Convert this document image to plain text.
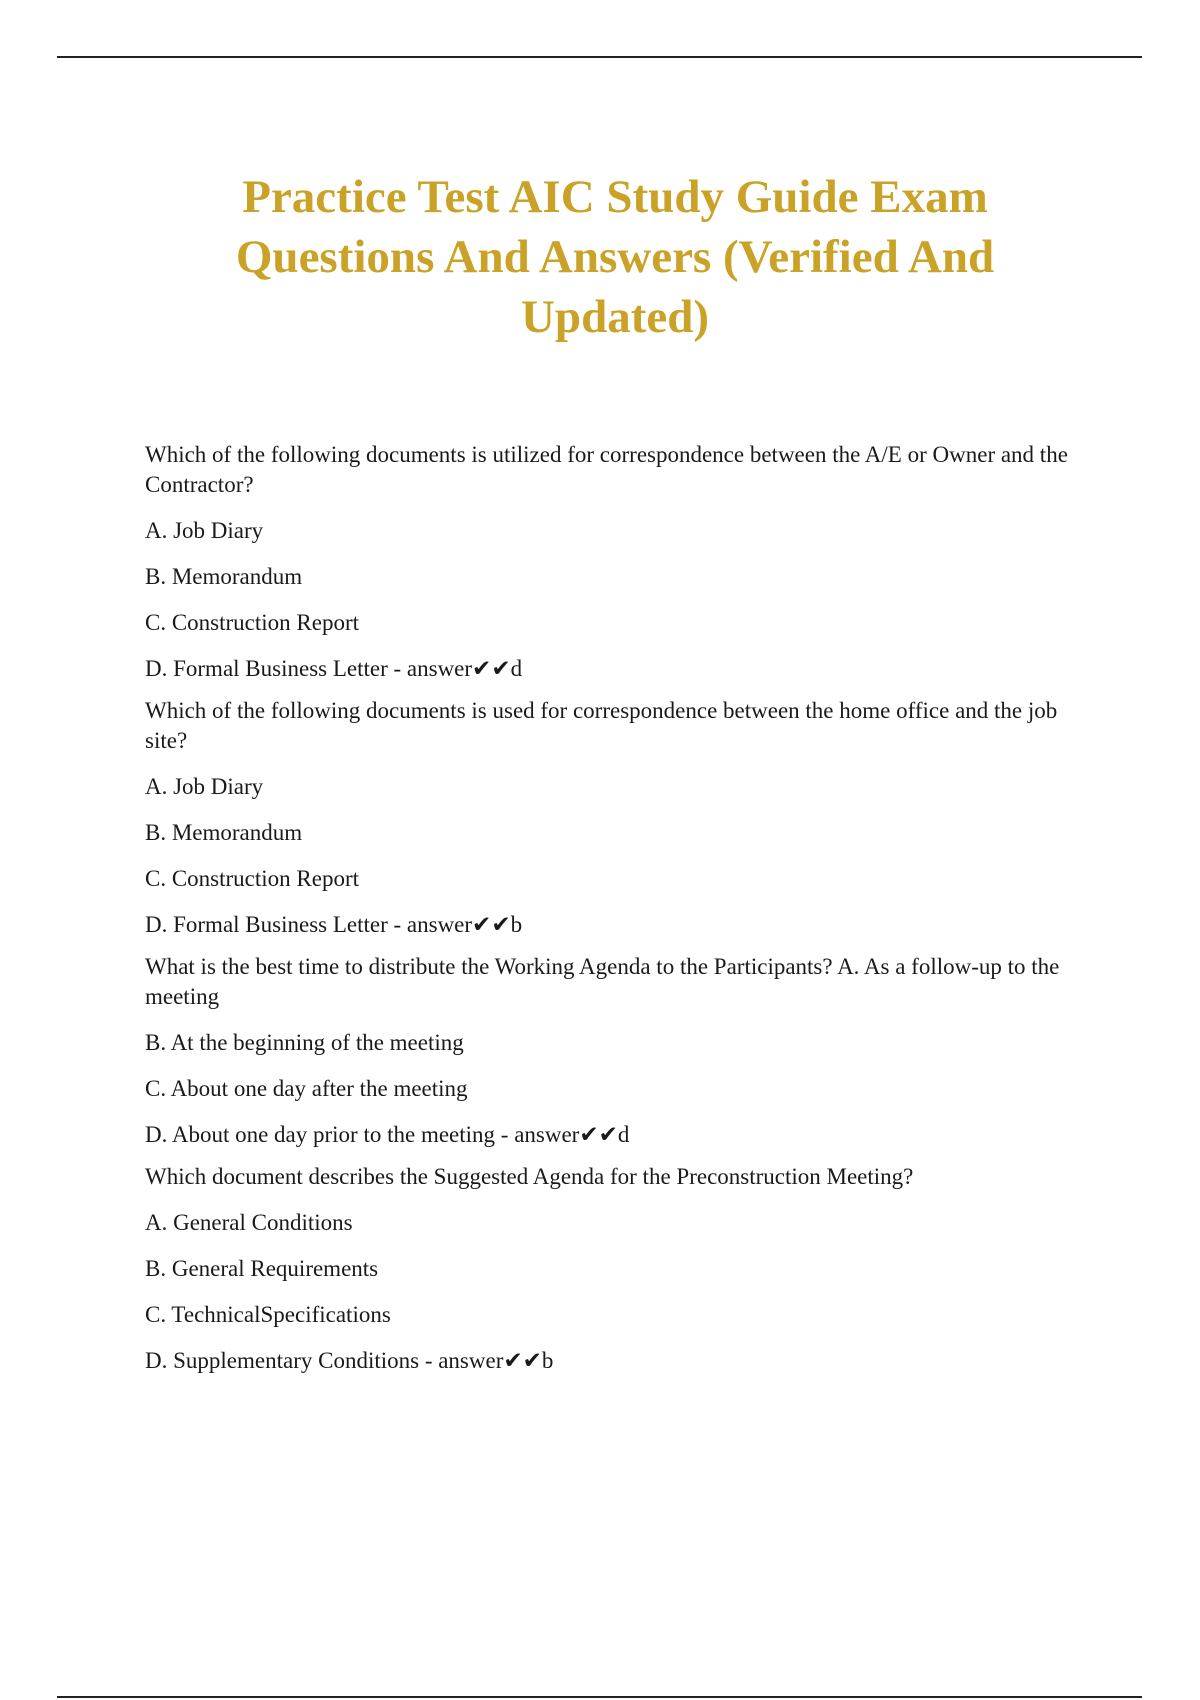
Practice Test AIC Study Guide Exam Questions And Answers (Verified And Updated)

Which of the following documents is utilized for correspondence between the A/E or Owner and the Contractor?

A. Job Diary

B. Memorandum

C. Construction Report

D. Formal Business Letter - answer✔✔d

Which of the following documents is used for correspondence between the home office and the job site?

A. Job Diary

B. Memorandum

C. Construction Report

D. Formal Business Letter - answer✔✔b

What is the best time to distribute the Working Agenda to the Participants? A. As a follow-up to the meeting

B. At the beginning of the meeting

C. About one day after the meeting

D. About one day prior to the meeting - answer✔✔d

Which document describes the Suggested Agenda for the Preconstruction Meeting?

A. General Conditions

B. General Requirements

C. TechnicalSpecifications

D. Supplementary Conditions - answer✔✔b
